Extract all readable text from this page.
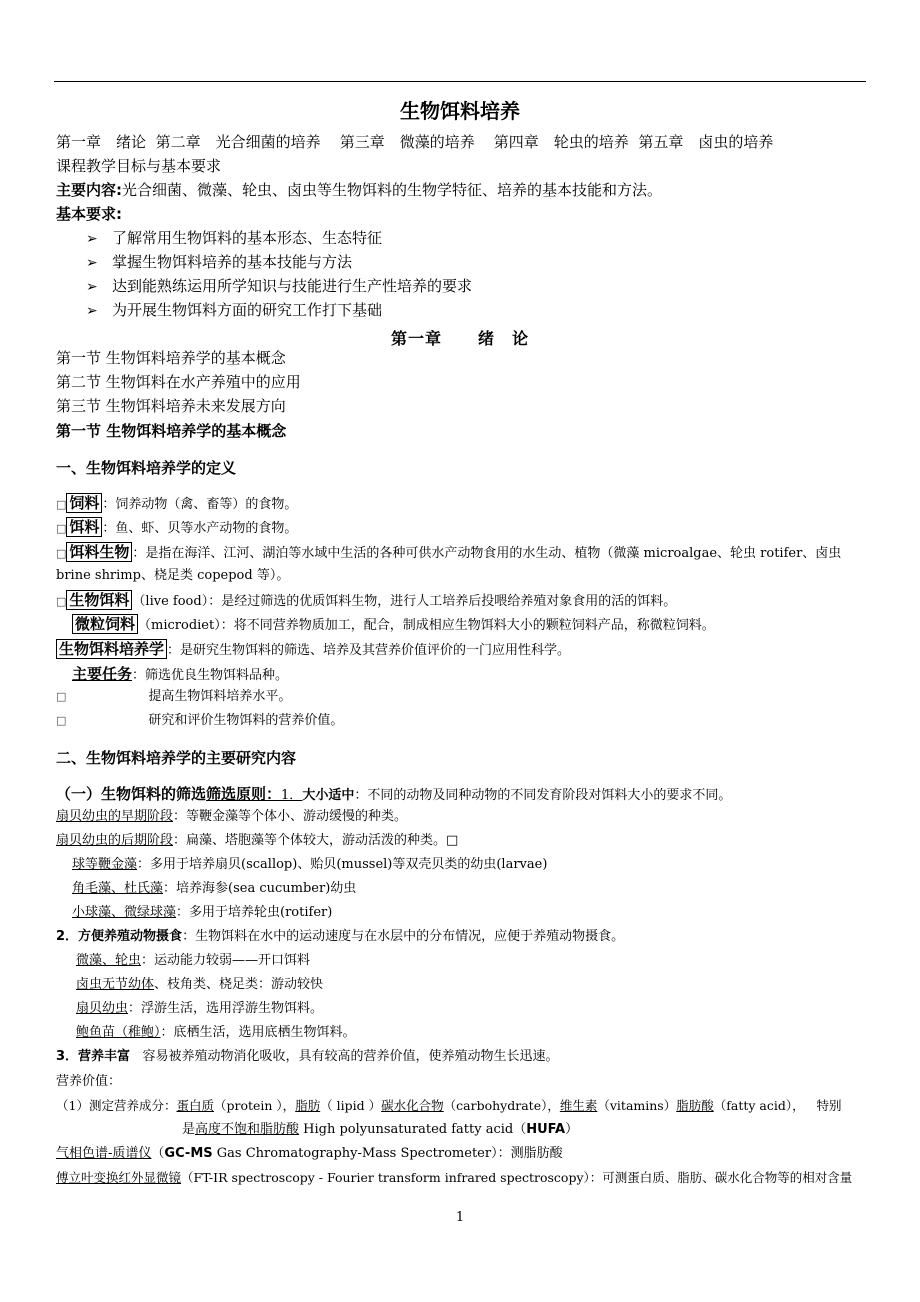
生物饵料培养
第一章　绪论 第二章　光合细菌的培养 第三章　微藻的培养 第四章　轮虫的培养 第五章　卤虫的培养
课程教学目标与基本要求
主要内容:光合细菌、微藻、轮虫、卤虫等生物饵料的生物学特征、培养的基本技能和方法。
基本要求:
➢ 了解常用生物饵料的基本形态、生态特征
➢ 掌握生物饵料培养的基本技能与方法
➢ 达到能熟练运用所学知识与技能进行生产性培养的要求
➢ 为开展生物饵料方面的研究工作打下基础
第一章 绪　论
第一节 生物饵料培养学的基本概念
第二节 生物饵料在水产养殖中的应用
第三节 生物饵料培养未来发展方向
第一节 生物饵料培养学的基本概念
一、生物饵料培养学的定义
□ 饲料 ：饲养动物（禽、畜等）的食物。
□ 饵料 ：鱼、虾、贝等水产动物的食物。
□ 饵料生物 ：是指在海洋、江河、湖泊等水域中生活的各种可供水产动物食用的水生动、植物（微藻 microalgae、轮虫 rotifer、卤虫
brine shrimp、桡足类 copepod 等）。
□ 生物饵料 （live food）：是经过筛选的优质饵料生物，进行人工培养后投喂给养殖对象食用的活的饵料。
微粒饲料 （microdiet）：将不同营养物质加工，配合，制成相应生物饵料大小的颗粒饲料产品，称微粒饲料。
生物饵料培养学 ：是研究生物饵料的筛选、培养及其营养价值评价的一门应用性科学。
主要任务：筛选优良生物饵料品种。
□	提高生物饵料培养水平。
□	研究和评价生物饵料的营养价值。
二、生物饵料培养学的主要研究内容
（一）生物饵料的筛选筛选原则：1．大小适中：不同的动物及同种动物的不同发育阶段对饵料大小的要求不同。
扇贝幼虫的早期阶段：等鞭金藻等个体小、游动缓慢的种类。
扇贝幼虫的后期阶段：扁藻、塔胞藻等个体较大，游动活泼的种类。□
球等鞭金藻：多用于培养扇贝(scallop)、贻贝(mussel)等双壳贝类的幼虫(larvae)
角毛藻、杜氏藻：培养海参(sea cucumber)幼虫
小球藻、微绿球藻：多用于培养轮虫(rotifer)
2．方便养殖动物摄食：生物饵料在水中的运动速度与在水层中的分布情况，应便于养殖动物摄食。
微藻、轮虫：运动能力较弱——开口饵料
卤虫无节幼体、枝角类、桡足类：游动较快
扇贝幼虫：浮游生活，选用浮游生物饵料。
鲍鱼苗（稚鲍）：底栖生活，选用底栖生物饵料。
3．营养丰富 容易被养殖动物消化吸收，具有较高的营养价值，使养殖动物生长迅速。
营养价值：
（1）测定营养成分：蛋白质（protein ），脂肪（ lipid ）碳水化合物（carbohydrate），维生素（vitamins）脂肪酸（fatty acid）， 特别
是高度不饱和脂肪酸 High polyunsaturated fatty acid（HUFA）
气相色谱-质谱仪（GC-MS Gas Chromatography-Mass Spectrometer）：测脂肪酸
傅立叶变换红外显微镜（FT-IR spectroscopy - Fourier transform infrared spectroscopy）：可测蛋白质、脂肪、碳水化合物等的相对含量
1
